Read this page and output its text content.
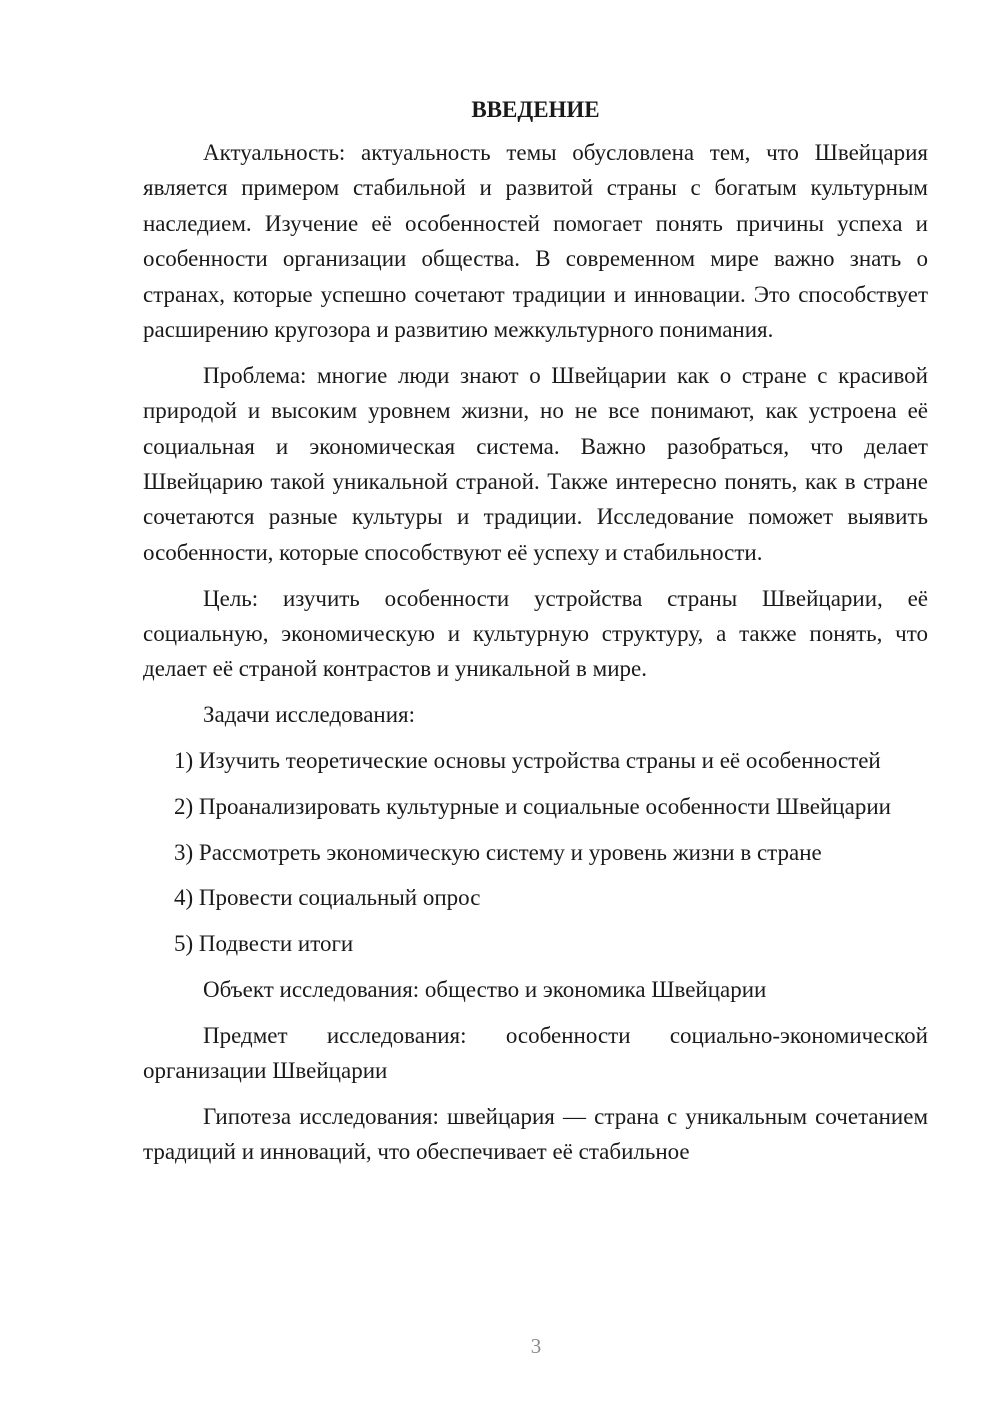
ВВЕДЕНИЕ

Актуальность: актуальность темы обусловлена тем, что Швейцария является примером стабильной и развитой страны с богатым культурным наследием. Изучение её особенностей помогает понять причины успеха и особенности организации общества. В современном мире важно знать о странах, которые успешно сочетают традиции и инновации. Это способствует расширению кругозора и развитию межкультурного понимания.

Проблема: многие люди знают о Швейцарии как о стране с красивой природой и высоким уровнем жизни, но не все понимают, как устроена её социальная и экономическая система. Важно разобраться, что делает Швейцарию такой уникальной страной. Также интересно понять, как в стране сочетаются разные культуры и традиции. Исследование поможет выявить особенности, которые способствуют её успеху и стабильности.

Цель: изучить особенности устройства страны Швейцарии, её социальную, экономическую и культурную структуру, а также понять, что делает её страной контрастов и уникальной в мире.

Задачи исследования:

1) Изучить теоретические основы устройства страны и её особенностей

2) Проанализировать культурные и социальные особенности Швейцарии

3) Рассмотреть экономическую систему и уровень жизни в стране

4) Провести социальный опрос

5) Подвести итоги

Объект исследования: общество и экономика Швейцарии

Предмет исследования: особенности социально-экономической организации Швейцарии

Гипотеза исследования: швейцария — страна с уникальным сочетанием традиций и инноваций, что обеспечивает её стабильное

3
